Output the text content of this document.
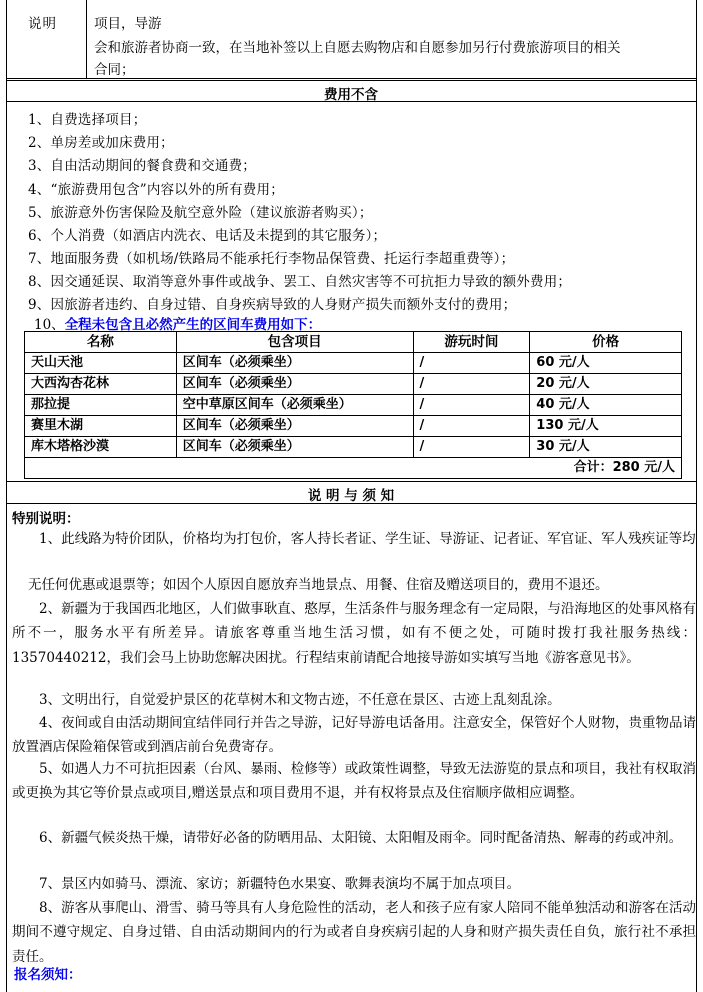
说明	项目，导游
会和旅游者协商一致，在当地补签以上自愿去购物店和自愿参加另行付费旅游项目的相关
合同；
费用不含
1、自费选择项目；
2、单房差或加床费用；
3、自由活动期间的餐食费和交通费；
4、“旅游费用包含”内容以外的所有费用；
5、旅游意外伤害保险及航空意外险（建议旅游者购买）；
6、个人消费（如酒店内洗衣、电话及未提到的其它服务）；
7、地面服务费（如机场/铁路局不能承托行李物品保管费、托运行李超重费等）；
8、因交通延误、取消等意外事件或战争、罢工、自然灾害等不可抗拒力导致的额外费用；
9、因旅游者违约、自身过错、自身疾病导致的人身财产损失而额外支付的费用；
10、全程未包含且必然产生的区间车费用如下：
名称	包含项目	游玩时间	价格
天山天池	区间车（必须乘坐）	/	60 元/人
大西沟杏花林	区间车（必须乘坐）	/	20 元/人
那拉提	空中草原区间车（必须乘坐）	/	40 元/人
赛里木湖	区间车（必须乘坐）	/	130 元/人
库木塔格沙漠	区间车（必须乘坐）	/	30 元/人
合计：280 元/人			
说 明 与 须 知
特别说明：
1、此线路为特价团队，价格均为打包价，客人持长者证、学生证、导游证、记者证、军官证、军人残疾证等均
无任何优惠或退票等；如因个人原因自愿放弃当地景点、用餐、住宿及赠送项目的，费用不退还。
2、新疆为于我国西北地区，人们做事耿直、憨厚，生活条件与服务理念有一定局限，与沿海地区的处事风格有所不一，服务水平有所差异。请旅客尊重当地生活习惯，如有不便之处，可随时拨打我社服务热线：13570440212，我们会马上协助您解决困扰。行程结束前请配合地接导游如实填写当地《游客意见书》。
3、文明出行，自觉爱护景区的花草树木和文物古迹，不任意在景区、古迹上乱刻乱涂。
4、夜间或自由活动期间宜结伴同行并告之导游，记好导游电话备用。注意安全，保管好个人财物，贵重物品请放置酒店保险箱保管或到酒店前台免费寄存。
5、如遇人力不可抗拒因素（台风、暴雨、检修等）或政策性调整，导致无法游览的景点和项目，我社有权取消或更换为其它等价景点或项目,赠送景点和项目费用不退，并有权将景点及住宿顺序做相应调整。
6、新疆气候炎热干燥，请带好必备的防晒用品、太阳镜、太阳帽及雨伞。同时配备清热、解毒的药或冲剂。
7、景区内如骑马、漂流、家访；新疆特色水果宴、歌舞表演均不属于加点项目。
8、游客从事爬山、滑雪、骑马等具有人身危险性的活动，老人和孩子应有家人陪同不能单独活动和游客在活动期间不遵守规定、自身过错、自由活动期间内的行为或者自身疾病引起的人身和财产损失责任自负，旅行社不承担责任。
报名须知：
